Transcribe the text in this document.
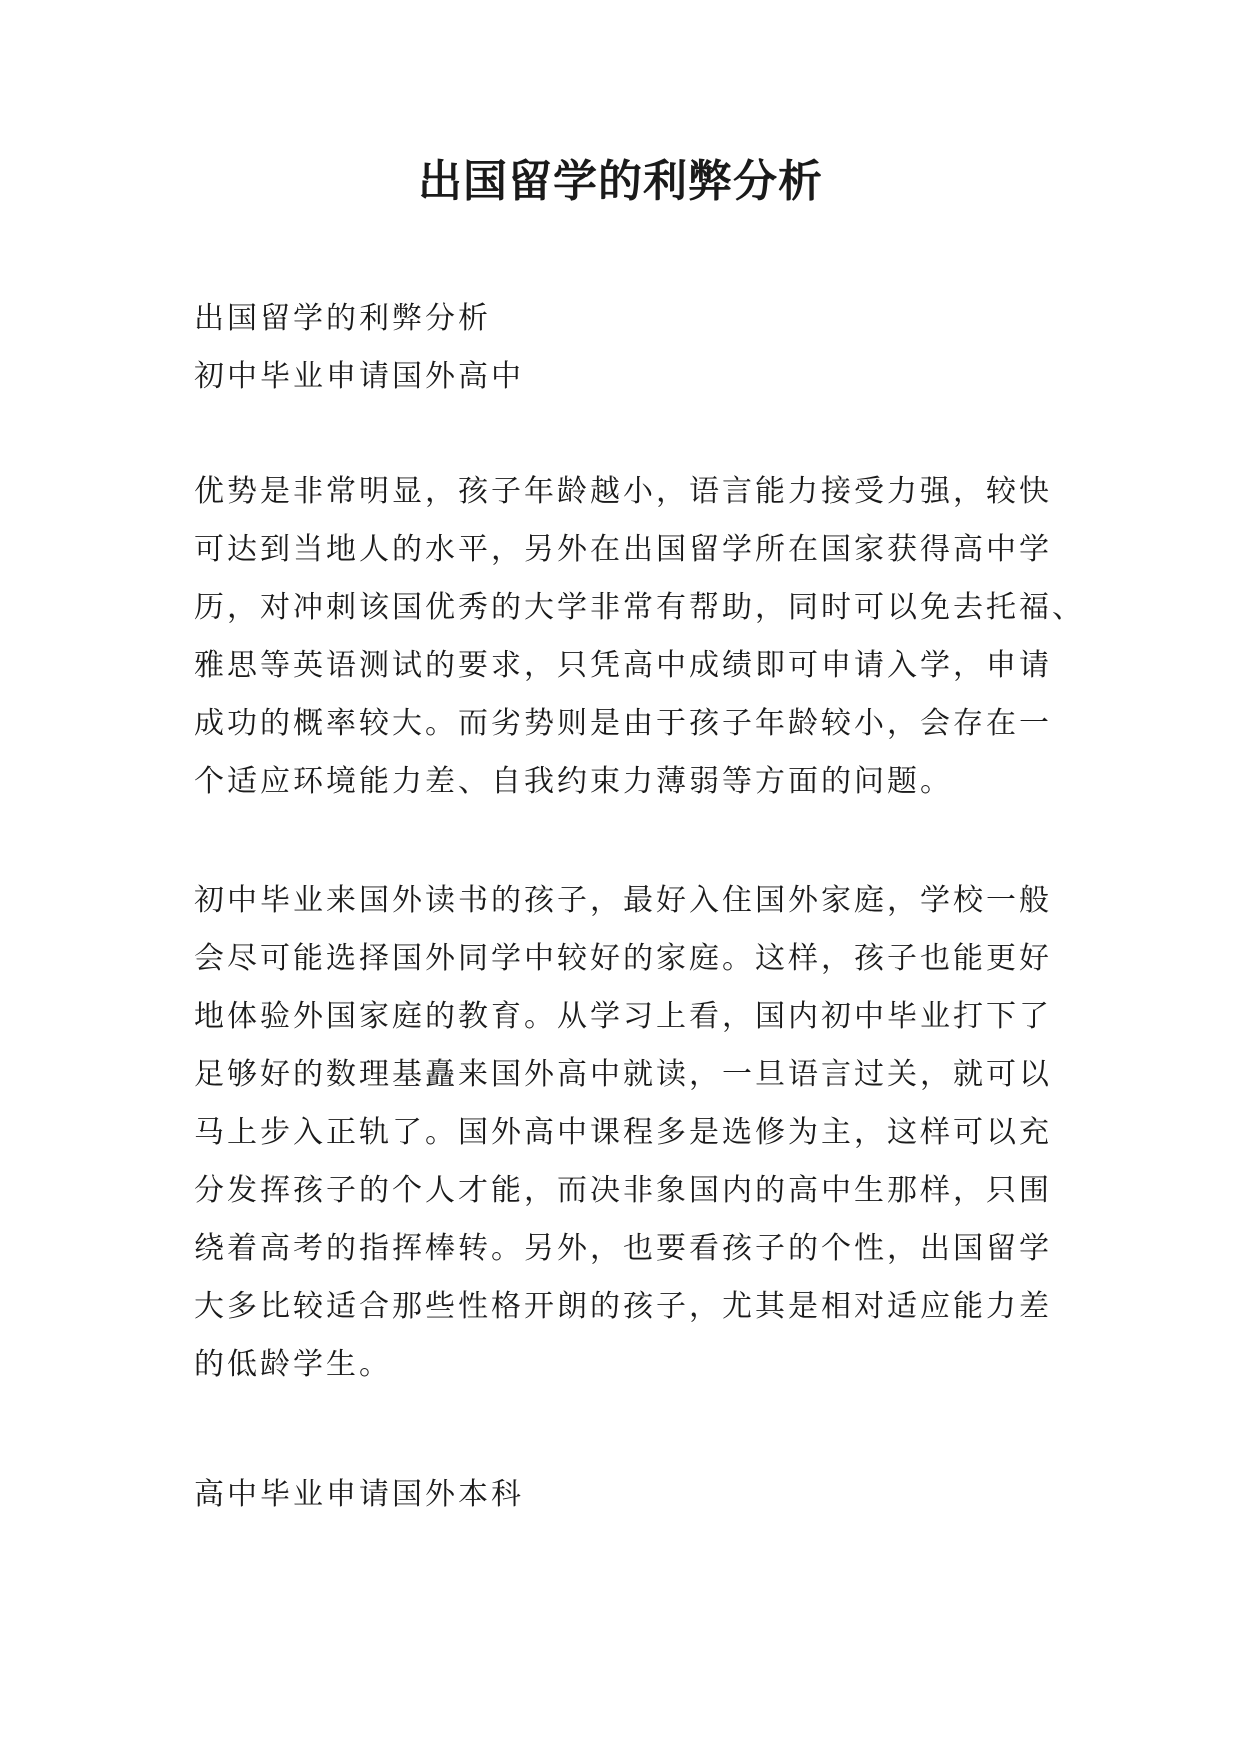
出国留学的利弊分析

出国留学的利弊分析

初中毕业申请国外高中

优势是非常明显，孩子年龄越小，语言能力接受力强，较快
可达到当地人的水平，另外在出国留学所在国家获得高中学
历，对冲刺该国优秀的大学非常有帮助，同时可以免去托福、
雅思等英语测试的要求，只凭高中成绩即可申请入学，申请
成功的概率较大。而劣势则是由于孩子年龄较小，会存在一
个适应环境能力差、自我约束力薄弱等方面的问题。

初中毕业来国外读书的孩子，最好入住国外家庭，学校一般
会尽可能选择国外同学中较好的家庭。这样，孩子也能更好
地体验外国家庭的教育。从学习上看，国内初中毕业打下了
足够好的数理基矗来国外高中就读，一旦语言过关，就可以
马上步入正轨了。国外高中课程多是选修为主，这样可以充
分发挥孩子的个人才能，而决非象国内的高中生那样，只围
绕着高考的指挥棒转。另外，也要看孩子的个性，出国留学
大多比较适合那些性格开朗的孩子，尤其是相对适应能力差
的低龄学生。

高中毕业申请国外本科
